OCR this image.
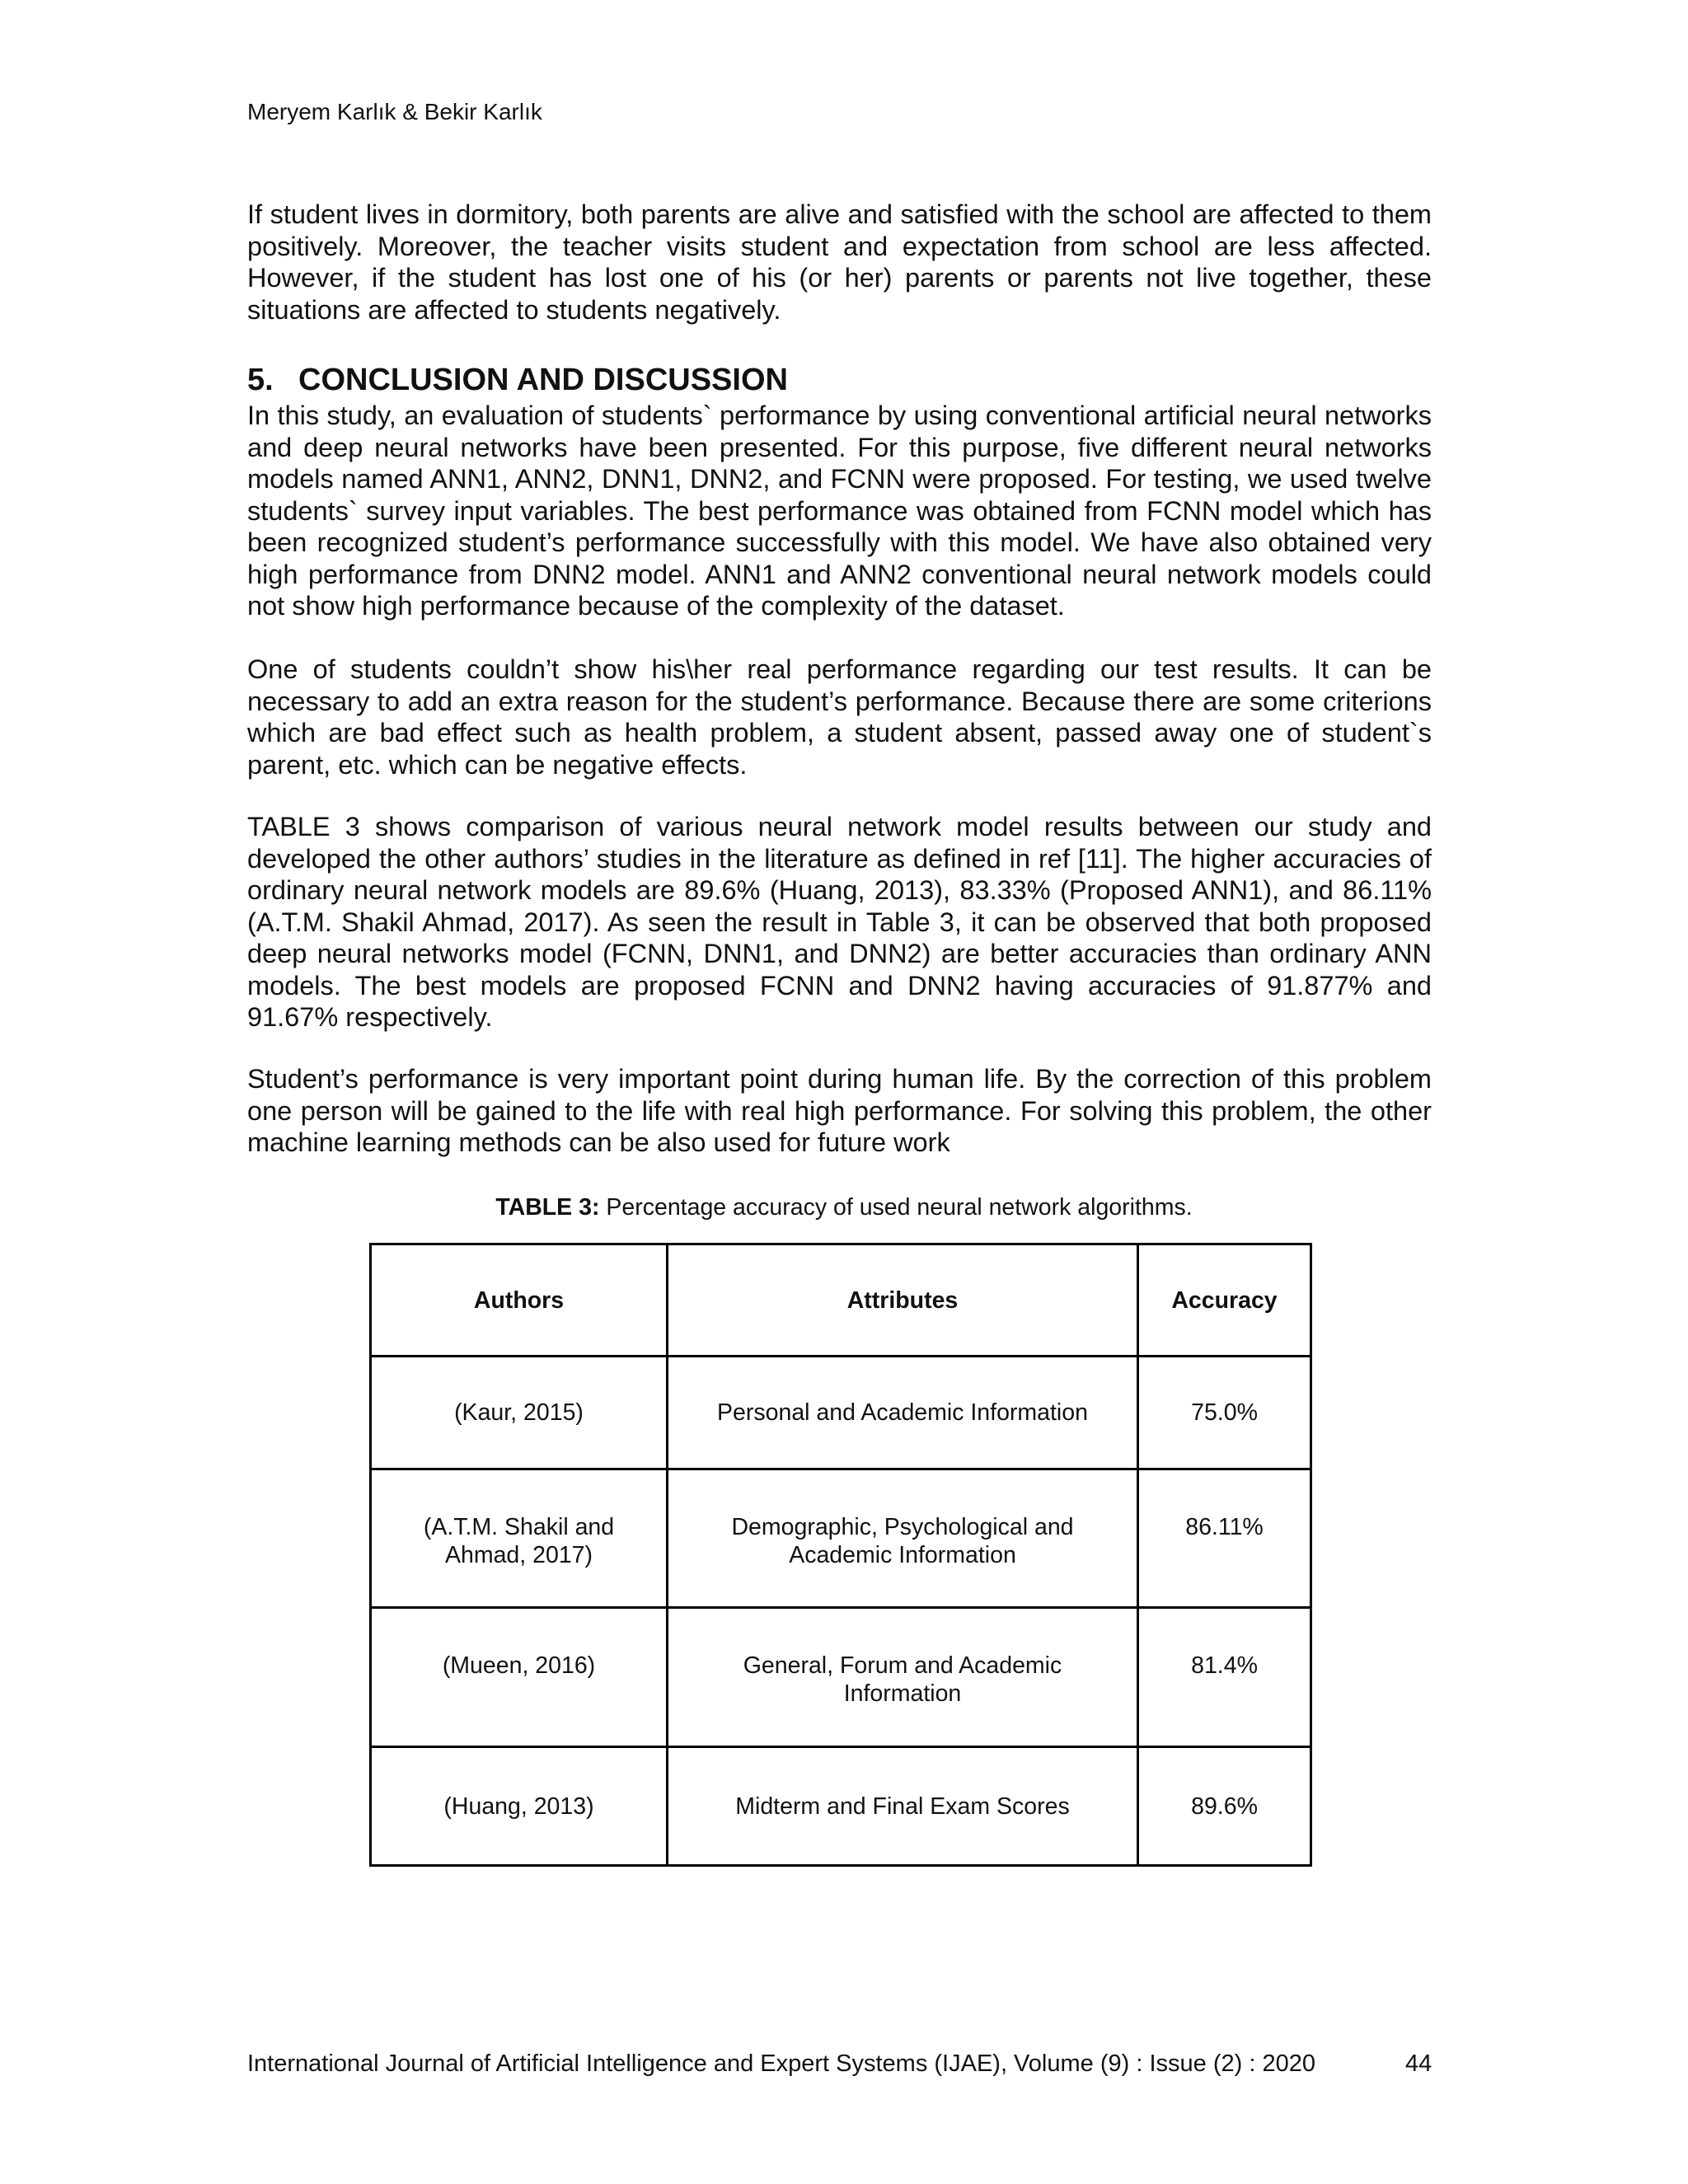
Meryem Karlık & Bekir Karlık

If student lives in dormitory, both parents are alive and satisfied with the school are affected to them positively. Moreover, the teacher visits student and expectation from school are less affected. However, if the student has lost one of his (or her) parents or parents not live together, these situations are affected to students negatively.

5. CONCLUSION AND DISCUSSION

In this study, an evaluation of students` performance by using conventional artificial neural networks and deep neural networks have been presented. For this purpose, five different neural networks models named ANN1, ANN2, DNN1, DNN2, and FCNN were proposed. For testing, we used twelve students` survey input variables. The best performance was obtained from FCNN model which has been recognized student’s performance successfully with this model. We have also obtained very high performance from DNN2 model. ANN1 and ANN2 conventional neural network models could not show high performance because of the complexity of the dataset.

One of students couldn’t show his\her real performance regarding our test results. It can be necessary to add an extra reason for the student’s performance. Because there are some criterions which are bad effect such as health problem, a student absent, passed away one of student`s parent, etc. which can be negative effects.

TABLE 3 shows comparison of various neural network model results between our study and developed the other authors’ studies in the literature as defined in ref [11]. The higher accuracies of ordinary neural network models are 89.6% (Huang, 2013), 83.33% (Proposed ANN1), and 86.11% (A.T.M. Shakil Ahmad, 2017). As seen the result in Table 3, it can be observed that both proposed deep neural networks model (FCNN, DNN1, and DNN2) are better accuracies than ordinary ANN models. The best models are proposed FCNN and DNN2 having accuracies of 91.877% and 91.67% respectively.

Student’s performance is very important point during human life. By the correction of this problem one person will be gained to the life with real high performance. For solving this problem, the other machine learning methods can be also used for future work

TABLE 3: Percentage accuracy of used neural network algorithms.
Authors	Attributes	Accuracy
(Kaur, 2015)	Personal and Academic Information	75.0%
(A.T.M. Shakil and Ahmad, 2017)	Demographic, Psychological and Academic Information	86.11%
(Mueen, 2016)	General, Forum and Academic Information	81.4%
(Huang, 2013)	Midterm and Final Exam Scores	89.6%
International Journal of Artificial Intelligence and Expert Systems (IJAE), Volume (9) : Issue (2) : 2020	44
